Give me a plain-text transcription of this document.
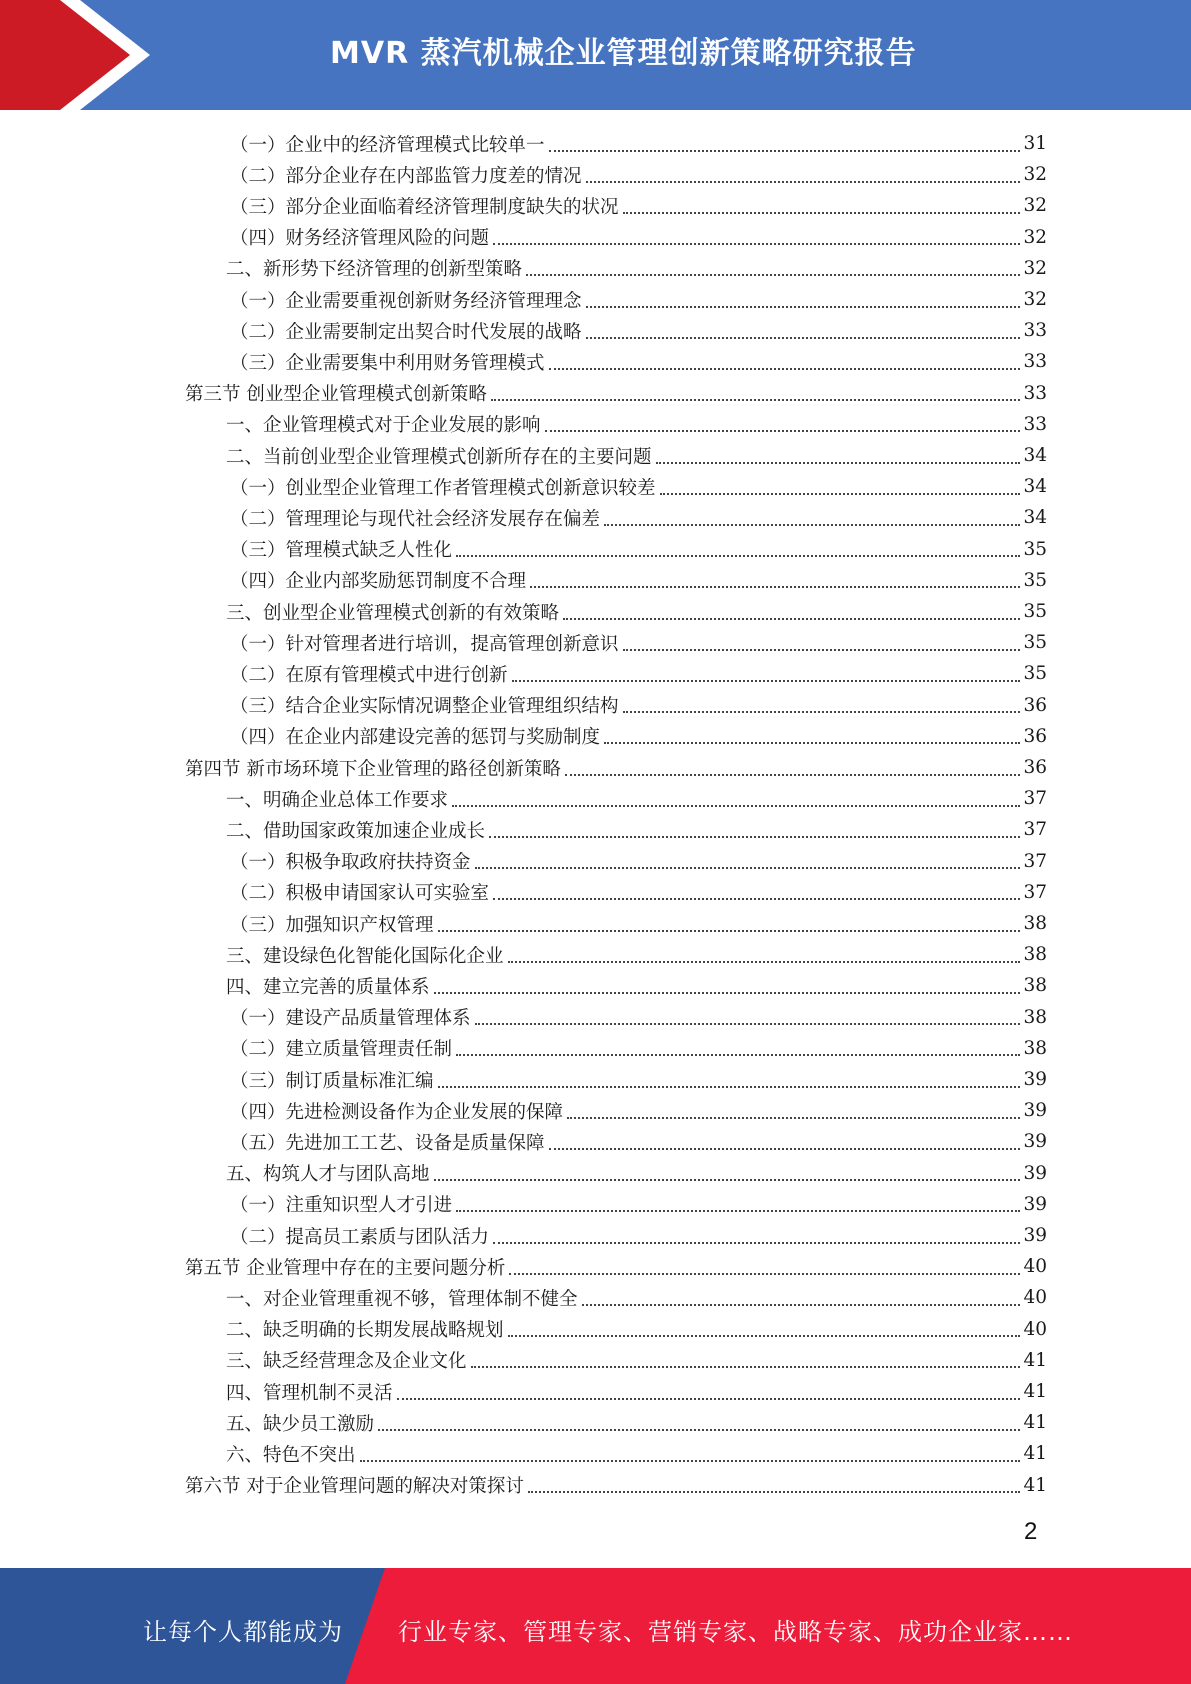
MVR 蒸汽机械企业管理创新策略研究报告
（一）企业中的经济管理模式比较单一	31
（二）部分企业存在内部监管力度差的情况	32
（三）部分企业面临着经济管理制度缺失的状况	32
（四）财务经济管理风险的问题	32
二、新形势下经济管理的创新型策略	32
（一）企业需要重视创新财务经济管理理念	32
（二）企业需要制定出契合时代发展的战略	33
（三）企业需要集中利用财务管理模式	33
第三节 创业型企业管理模式创新策略	33
一、企业管理模式对于企业发展的影响	33
二、当前创业型企业管理模式创新所存在的主要问题	34
（一）创业型企业管理工作者管理模式创新意识较差	34
（二）管理理论与现代社会经济发展存在偏差	34
（三）管理模式缺乏人性化	35
（四）企业内部奖励惩罚制度不合理	35
三、创业型企业管理模式创新的有效策略	35
（一）针对管理者进行培训，提高管理创新意识	35
（二）在原有管理模式中进行创新	35
（三）结合企业实际情况调整企业管理组织结构	36
（四）在企业内部建设完善的惩罚与奖励制度	36
第四节 新市场环境下企业管理的路径创新策略	36
一、明确企业总体工作要求	37
二、借助国家政策加速企业成长	37
（一）积极争取政府扶持资金	37
（二）积极申请国家认可实验室	37
（三）加强知识产权管理	38
三、建设绿色化智能化国际化企业	38
四、建立完善的质量体系	38
（一）建设产品质量管理体系	38
（二）建立质量管理责任制	38
（三）制订质量标准汇编	39
（四）先进检测设备作为企业发展的保障	39
（五）先进加工工艺、设备是质量保障	39
五、构筑人才与团队高地	39
（一）注重知识型人才引进	39
（二）提高员工素质与团队活力	39
第五节 企业管理中存在的主要问题分析	40
一、对企业管理重视不够，管理体制不健全	40
二、缺乏明确的长期发展战略规划	40
三、缺乏经营理念及企业文化	41
四、管理机制不灵活	41
五、缺少员工激励	41
六、特色不突出	41
第六节 对于企业管理问题的解决对策探讨	41
2
让每个人都能成为 行业专家、管理专家、营销专家、战略专家、成功企业家……
